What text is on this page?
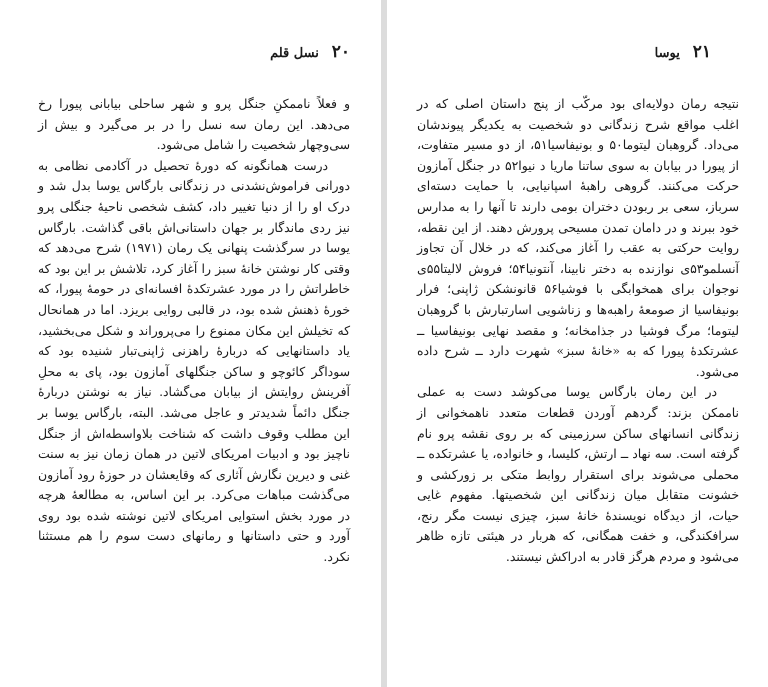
۲۰ نسل قلم

و فعلاً ناممکنِ جنگل پرو و شهر ساحلی بیابانی پیورا رخ می‌دهد. این رمان سه نسل را در بر می‌گیرد و بیش از سی‌وچهار شخصیت را شامل می‌شود.

درست همانگونه که دورهٔ تحصیل در آکادمی نظامی به دورانی فراموش‌نشدنی در زندگانی بارگاس یوسا بدل شد و درک او را از دنیا تغییر داد، کشف شخصی ناحیهٔ جنگلی پرو نیز ردی ماندگار بر جهان داستانی‌اش باقی گذاشت. بارگاس یوسا در سرگذشت پنهانی یک رمان (۱۹۷۱) شرح می‌دهد که وقتی کار نوشتن خانهٔ سبز را آغاز کرد، تلاشش بر این بود که خاطراتش را در مورد عشرتکدهٔ افسانه‌ای در حومهٔ پیورا، که خورهٔ ذهنش شده بود، در قالبی روایی بریزد. اما در همانحال که تخیلش این مکان ممنوع را می‌پروراند و شکل می‌بخشید، یاد داستانهایی که دربارهٔ راهزنی ژاپنی‌تبار شنیده بود که سوداگر کائوچو و ساکن جنگلهای آمازون بود، پای به محلِ آفرینش روایتش از بیابان می‌گشاد. نیاز به نوشتن دربارهٔ جنگل دائماً شدیدتر و عاجل می‌شد. البته، بارگاس یوسا بر این مطلب وقوف داشت که شناخت بلاواسطه‌اش از جنگل ناچیز بود و ادبیات امریکای لاتین در همان زمان نیز به سنت غنی و دیرین نگارش آثاری که وقایعشان در حوزهٔ رود آمازون می‌گذشت مباهات می‌کرد. بر این اساس، به مطالعهٔ هرچه در مورد بخش استوایی امریکای لاتین نوشته شده بود روی آورد و حتی داستانها و رمانهای دست سوم را هم مستثنا نکرد.

۲۱ یوسا

نتیجه رمان دولایه‌ای بود مرکّب از پنج داستان اصلی که در اغلب مواقع شرح زندگانی دو شخصیت به یکدیگر پیوندشان می‌داد. گروهبان لیتوما۵۰ و بونیفاسیا۵۱، از دو مسیر متفاوت، از پیورا در بیابان به سوی ساتنا ماریا د نیوا۵۲ در جنگل آمازون حرکت می‌کنند. گروهی راهبهٔ اسپانیایی، با حمایت دسته‌ای سرباز، سعی بر ربودن دختران بومی دارند تا آنها را به مدارس خود ببرند و در دامان تمدن مسیحی پرورش دهند. از این نقطه، روایت حرکتی به عقب را آغاز می‌کند، که در خلال آن تجاوز آنسلمو۵۳ی نوازنده به دختر نابینا، آنتونیا۵۴؛ فروش لالیتا۵۵ی نوجوان برای همخوابگی با فوشیا۵۶ قانونشکن ژاپنی؛ فرار بونیفاسیا از صومعهٔ راهبه‌ها و زناشویی اسارتبارش با گروهبان لیتوما؛ مرگ فوشیا در جذامخانه؛ و مقصد نهایی بونیفاسیا ــ عشرتکدهٔ پیورا که به «خانهٔ سبز» شهرت دارد ــ شرح داده می‌شود.

در این رمان بارگاس یوسا می‌کوشد دست به عملی ناممکن بزند: گردهم آوردن قطعات متعدد ناهمخوانی از زندگانی انسانهای ساکن سرزمینی که بر روی نقشه پرو نام گرفته است. سه نهاد ــ ارتش، کلیسا، و خانواده، یا عشرتکده ــ محملی می‌شوند برای استقرار روابط متکی بر زورکشی و خشونت متقابل میان زندگانی این شخصیتها. مفهوم غایی حیات، از دیدگاه نویسندهٔ خانهٔ سبز، چیزی نیست مگر رنج، سرافکندگی، و خفت همگانی، که هربار در هیئتی تازه ظاهر می‌شود و مردم هرگز قادر به ادراکش نیستند.
